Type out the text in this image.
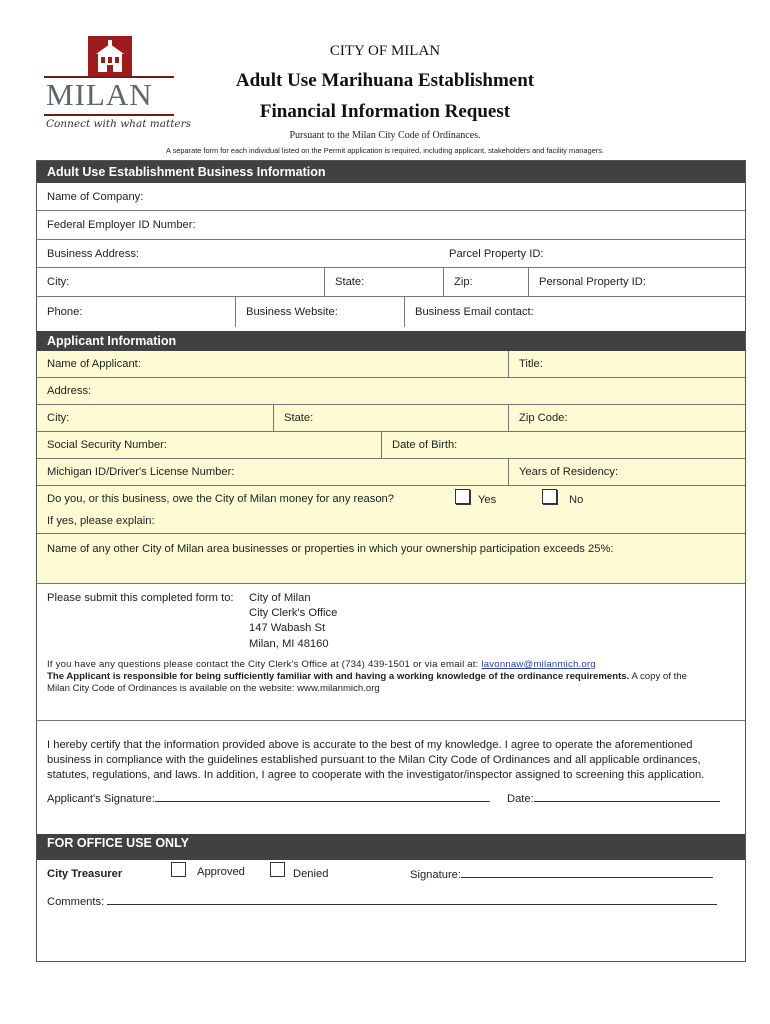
MILAN
Connect with what matters
CITY OF MILAN
Adult Use Marihuana Establishment
Financial Information Request
Pursuant to the Milan City Code of Ordinances.
A separate form for each individual listed on the Permit application is required, including applicant, stakeholders and facility managers.
Adult Use Establishment Business Information
Name of Company:
Federal Employer ID Number:
Business Address:	Parcel Property ID:
City:	State:	Zip:	Personal Property ID:
Phone:	Business Website:	Business Email contact:
Applicant Information
Name of Applicant:	Title:
Address:
City:	State:	Zip Code:
Social Security Number:	Date of Birth:
Michigan ID/Driver's License Number:	Years of Residency:
Do you, or this business, owe the City of Milan money for any reason?	Yes	No
If yes, please explain:
Name of any other City of Milan area businesses or properties in which your ownership participation exceeds 25%:
Please submit this completed form to: City of Milan
City Clerk's Office
147 Wabash St
Milan, MI 48160
If you have any questions please contact the City Clerk's Office at (734) 439-1501 or via email at: lavonnaw@milanmich.org
The Applicant is responsible for being sufficiently familiar with and having a working knowledge of the ordinance requirements. A copy of the
Milan City Code of Ordinances is available on the website: www.milanmich.org
I hereby certify that the information provided above is accurate to the best of my knowledge. I agree to operate the aforementioned
business in compliance with the guidelines established pursuant to the Milan City Code of Ordinances and all applicable ordinances,
statutes, regulations, and laws. In addition, I agree to cooperate with the investigator/inspector assigned to screening this application.
Applicant's Signature:	Date:
FOR OFFICE USE ONLY
City Treasurer	Approved	Denied	Signature:
Comments:
